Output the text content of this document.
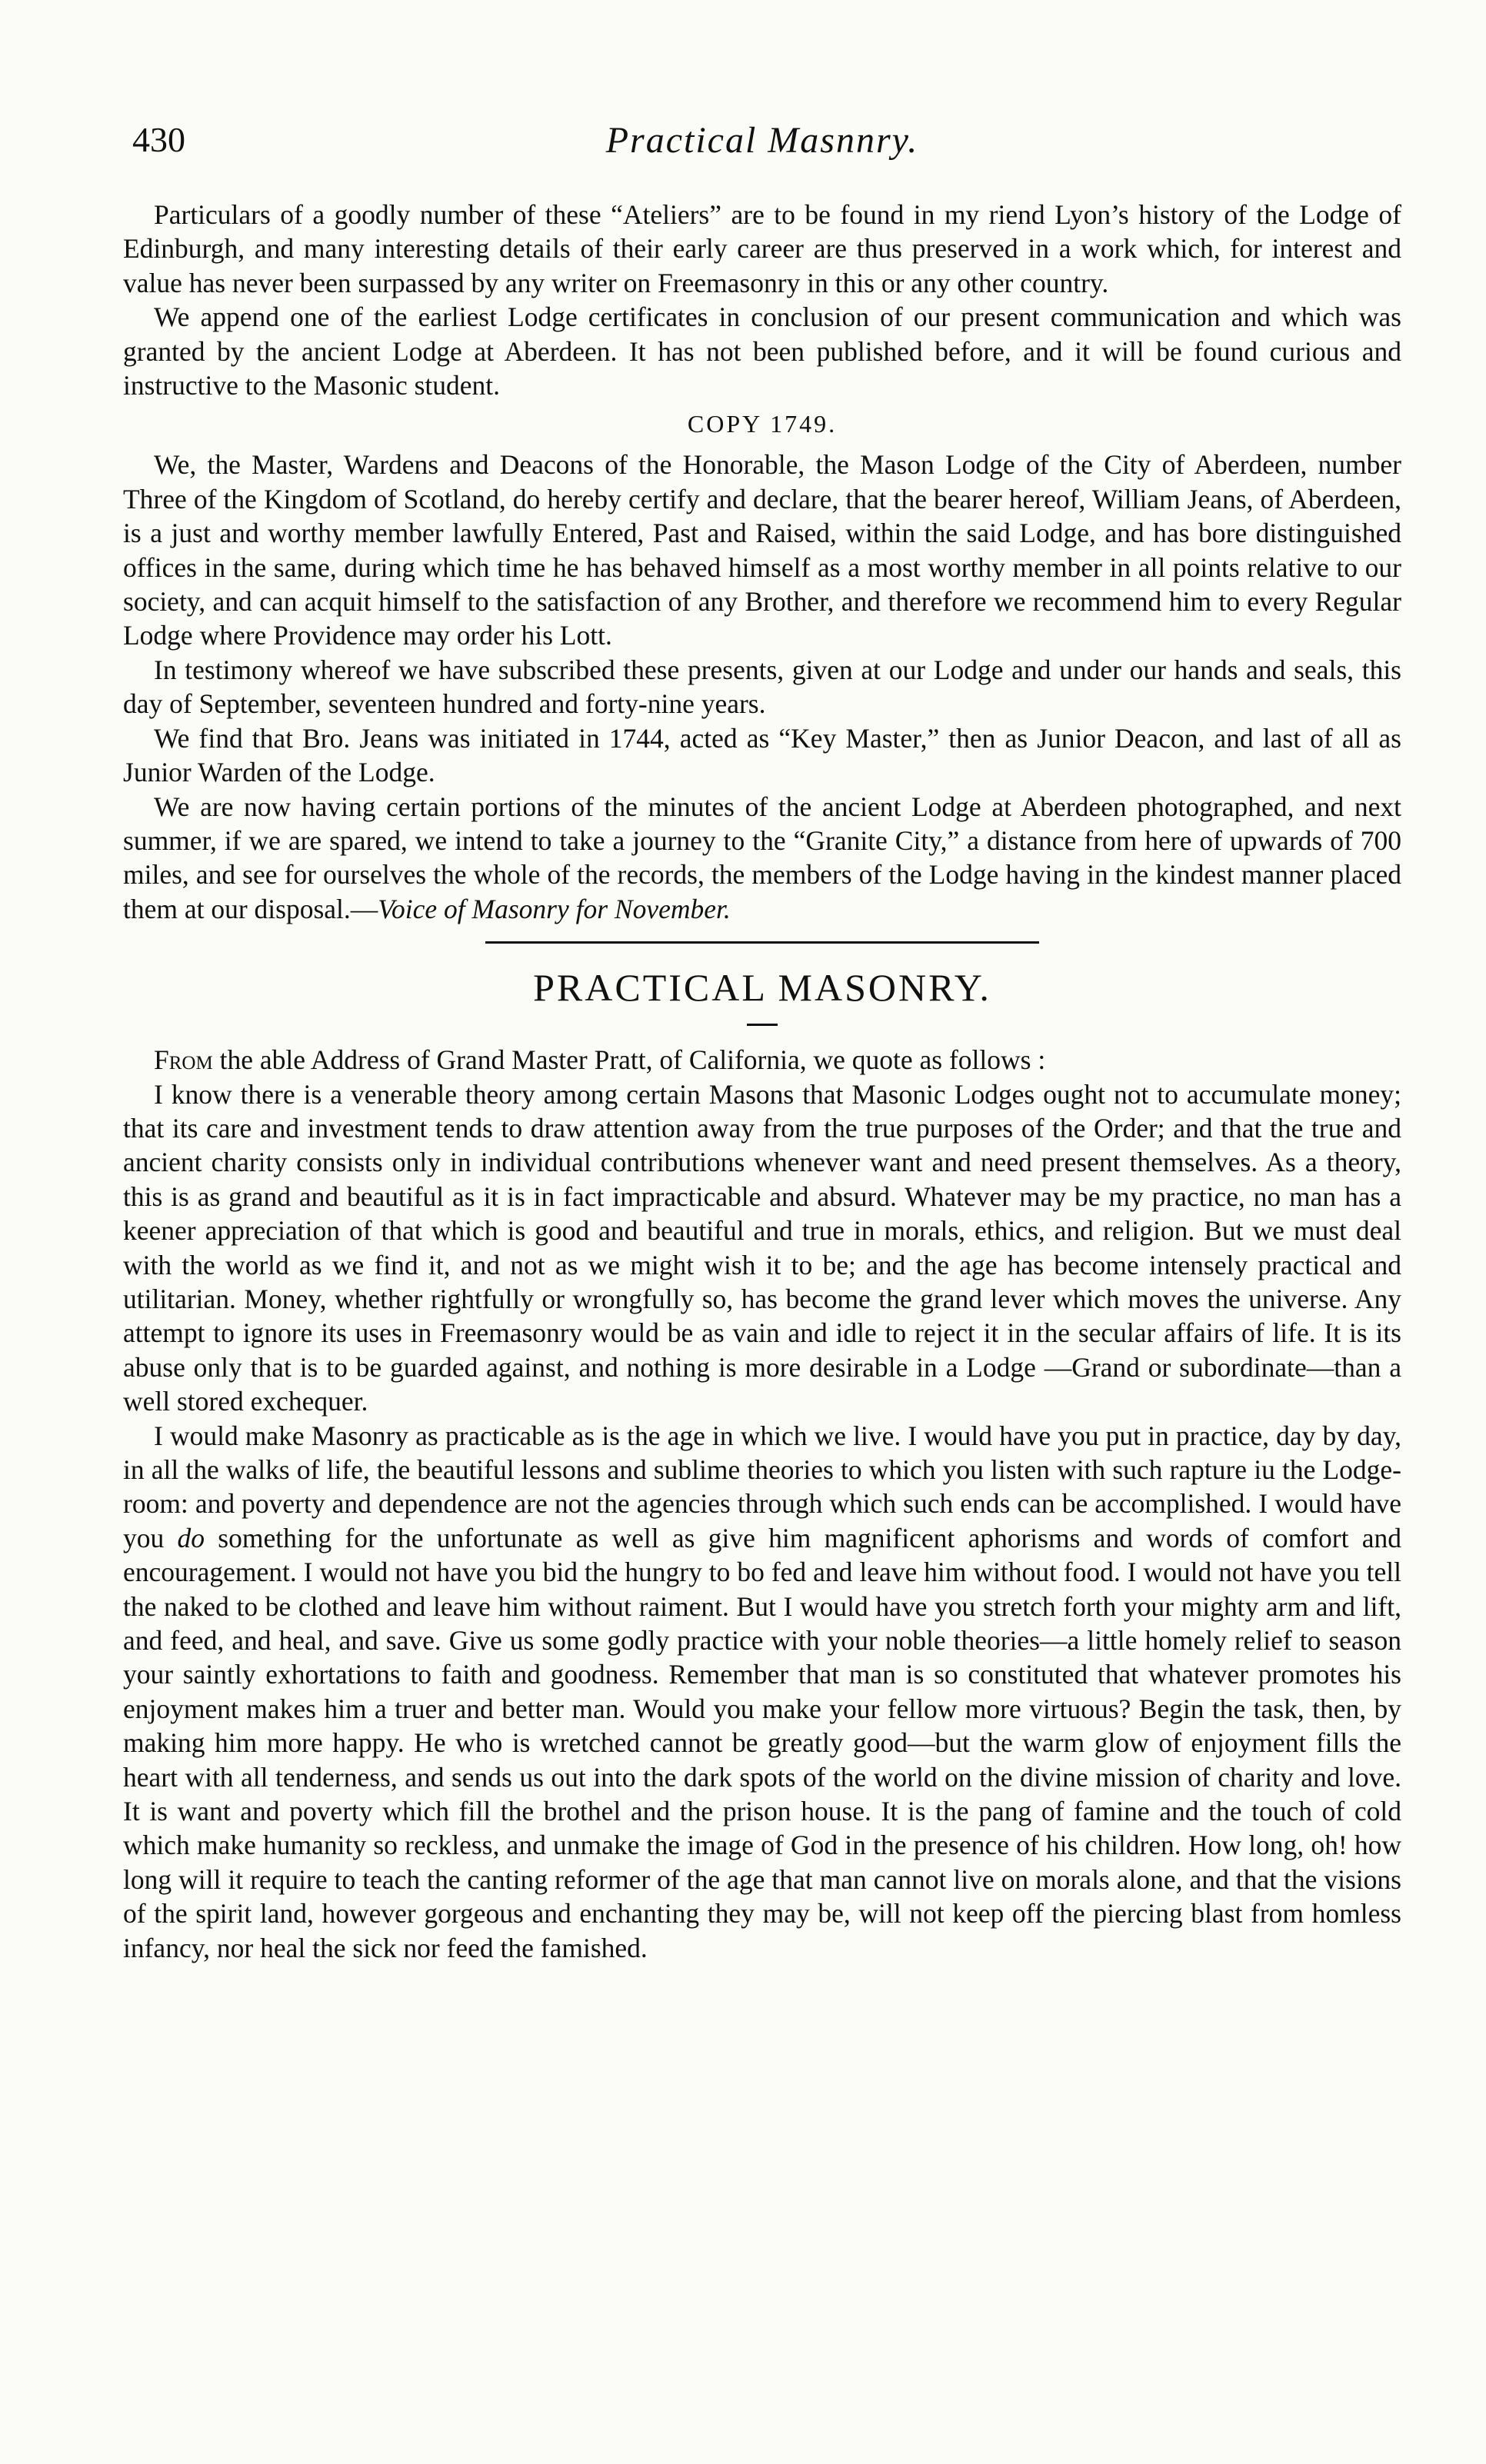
430	Practical Masnnry.

Particulars of a goodly number of these “Ateliers” are to be found in my riend Lyon’s history of the Lodge of Edinburgh, and many interesting details of their early career are thus preserved in a work which, for interest and value has never been surpassed by any writer on Freemasonry in this or any other country.

We append one of the earliest Lodge certificates in conclusion of our present communication and which was granted by the ancient Lodge at Aberdeen. It has not been published before, and it will be found curious and instructive to the Masonic student.

COPY 1749.

We, the Master, Wardens and Deacons of the Honorable, the Mason Lodge of the City of Aberdeen, number Three of the Kingdom of Scotland, do hereby certify and declare, that the bearer hereof, William Jeans, of Aberdeen, is a just and worthy member lawfully Entered, Past and Raised, within the said Lodge, and has bore distinguished offices in the same, during which time he has behaved himself as a most worthy member in all points relative to our society, and can acquit himself to the satisfaction of any Brother, and therefore we recommend him to every Regular Lodge where Providence may order his Lott.

In testimony whereof we have subscribed these presents, given at our Lodge and under our hands and seals, this day of September, seventeen hundred and forty-nine years.

We find that Bro. Jeans was initiated in 1744, acted as “Key Master,” then as Junior Deacon, and last of all as Junior Warden of the Lodge.

We are now having certain portions of the minutes of the ancient Lodge at Aberdeen photographed, and next summer, if we are spared, we intend to take a journey to the “Granite City,” a distance from here of upwards of 700 miles, and see for ourselves the whole of the records, the members of the Lodge having in the kindest manner placed them at our disposal.—Voice of Masonry for November.

PRACTICAL MASONRY.

From the able Address of Grand Master Pratt, of California, we quote as follows :

I know there is a venerable theory among certain Masons that Masonic Lodges ought not to accumulate money; that its care and investment tends to draw attention away from the true purposes of the Order; and that the true and ancient charity consists only in individual contributions whenever want and need present themselves. As a theory, this is as grand and beautiful as it is in fact impracticable and absurd. Whatever may be my practice, no man has a keener appreciation of that which is good and beautiful and true in morals, ethics, and religion. But we must deal with the world as we find it, and not as we might wish it to be; and the age has become intensely practical and utilitarian. Money, whether rightfully or wrongfully so, has become the grand lever which moves the universe. Any attempt to ignore its uses in Freemasonry would be as vain and idle to reject it in the secular affairs of life. It is its abuse only that is to be guarded against, and nothing is more desirable in a Lodge —Grand or subordinate—than a well stored exchequer.

I would make Masonry as practicable as is the age in which we live. I would have you put in practice, day by day, in all the walks of life, the beautiful lessons and sublime theories to which you listen with such rapture iu the Lodge-room: and poverty and dependence are not the agencies through which such ends can be accomplished. I would have you do something for the unfortunate as well as give him magnificent aphorisms and words of comfort and encouragement. I would not have you bid the hungry to bo fed and leave him without food. I would not have you tell the naked to be clothed and leave him without raiment. But I would have you stretch forth your mighty arm and lift, and feed, and heal, and save. Give us some godly practice with your noble theories—a little homely relief to season your saintly exhortations to faith and goodness. Remember that man is so constituted that whatever promotes his enjoyment makes him a truer and better man. Would you make your fellow more virtuous? Begin the task, then, by making him more happy. He who is wretched cannot be greatly good—but the warm glow of enjoyment fills the heart with all tenderness, and sends us out into the dark spots of the world on the divine mission of charity and love. It is want and poverty which fill the brothel and the prison house. It is the pang of famine and the touch of cold which make humanity so reckless, and unmake the image of God in the presence of his children. How long, oh! how long will it require to teach the canting reformer of the age that man cannot live on morals alone, and that the visions of the spirit land, however gorgeous and enchanting they may be, will not keep off the piercing blast from homless infancy, nor heal the sick nor feed the famished.
